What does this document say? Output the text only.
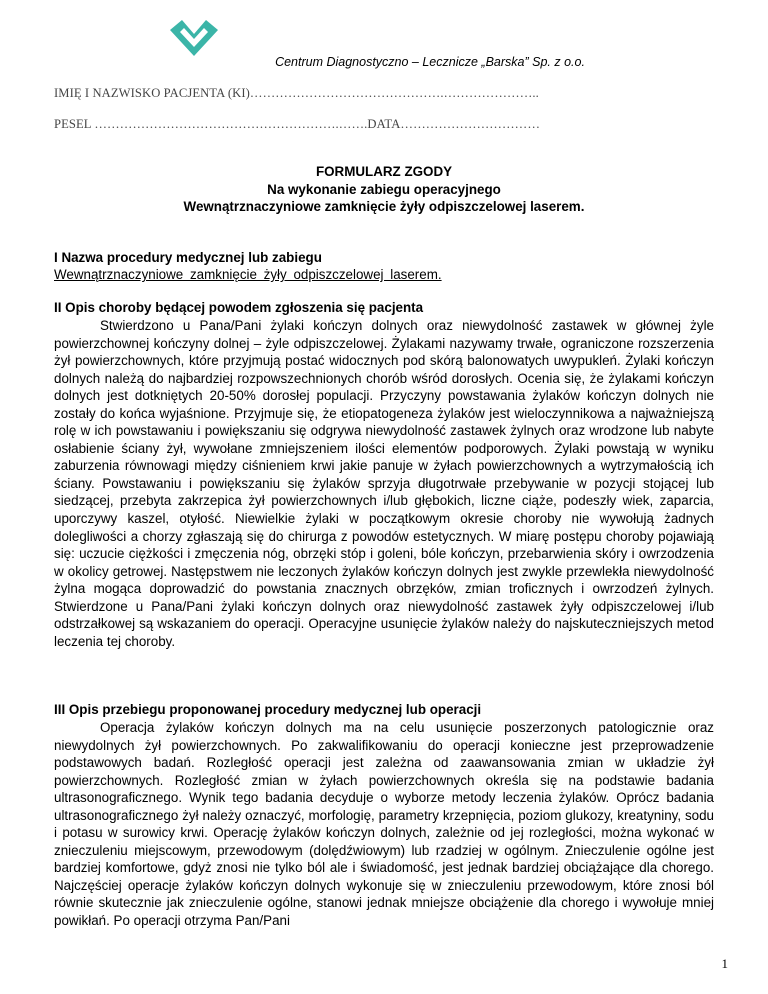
Centrum Diagnostyczno – Lecznicze „Barska” Sp. z o.o.
IMIĘ I NAZWISKO PACJENTA (KI)……………………………………….…………………..
PESEL ………………………………………………….…….DATA……………………………
FORMULARZ ZGODY
Na wykonanie zabiegu operacyjnego
Wewnątrznaczyniowe zamknięcie żyły odpiszczelowej laserem.
I Nazwa procedury medycznej lub zabiegu
Wewnątrznaczyniowe zamknięcie żyły odpiszczelowej laserem.
II Opis choroby będącej powodem zgłoszenia się pacjenta
Stwierdzono u Pana/Pani żylaki kończyn dolnych oraz niewydolność zastawek w głównej żyle powierzchownej kończyny dolnej – żyle odpiszczelowej. Żylakami nazywamy trwałe, ograniczone rozszerzenia żył powierzchownych, które przyjmują postać widocznych pod skórą balonowatych uwypukleń. Żylaki kończyn dolnych należą do najbardziej rozpowszechnionych chorób wśród dorosłych. Ocenia się, że żylakami kończyn dolnych jest dotkniętych 20-50% dorosłej populacji. Przyczyny powstawania żylaków kończyn dolnych nie zostały do końca wyjaśnione. Przyjmuje się, że etiopatogeneza żylaków jest wieloczynnikowa a najważniejszą rolę w ich powstawaniu i powiększaniu się odgrywa niewydolność zastawek żylnych oraz wrodzone lub nabyte osłabienie ściany żył, wywołane zmniejszeniem ilości elementów podporowych. Żylaki powstają w wyniku zaburzenia równowagi między ciśnieniem krwi jakie panuje w żyłach powierzchownych a wytrzymałością ich ściany. Powstawaniu i powiększaniu się żylaków sprzyja długotrwałe przebywanie w pozycji stojącej lub siedzącej, przebyta zakrzepica żył powierzchownych i/lub głębokich, liczne ciąże, podeszły wiek, zaparcia, uporczywy kaszel, otyłość. Niewielkie żylaki w początkowym okresie choroby nie wywołują żadnych dolegliwości a chorzy zgłaszają się do chirurga z powodów estetycznych. W miarę postępu choroby pojawiają się: uczucie ciężkości i zmęczenia nóg, obrzęki stóp i goleni, bóle kończyn, przebarwienia skóry i owrzodzenia w okolicy getrowej. Następstwem nie leczonych żylaków kończyn dolnych jest zwykle przewlekła niewydolność żylna mogąca doprowadzić do powstania znacznych obrzęków, zmian troficznych i owrzodzeń żylnych. Stwierdzone u Pana/Pani żylaki kończyn dolnych oraz niewydolność zastawek żyły odpiszczelowej i/lub odstrzałkowej są wskazaniem do operacji. Operacyjne usunięcie żylaków należy do najskuteczniejszych metod leczenia tej choroby.
III Opis przebiegu proponowanej procedury medycznej lub operacji
Operacja żylaków kończyn dolnych ma na celu usunięcie poszerzonych patologicznie oraz niewydolnych żył powierzchownych. Po zakwalifikowaniu do operacji konieczne jest przeprowadzenie podstawowych badań. Rozległość operacji jest zależna od zaawansowania zmian w układzie żył powierzchownych. Rozległość zmian w żyłach powierzchownych określa się na podstawie badania ultrasonograficznego. Wynik tego badania decyduje o wyborze metody leczenia żylaków. Oprócz badania ultrasonograficznego żył należy oznaczyć, morfologię, parametry krzepnięcia, poziom glukozy, kreatyniny, sodu i potasu w surowicy krwi. Operację żylaków kończyn dolnych, zależnie od jej rozległości, można wykonać w znieczuleniu miejscowym, przewodowym (dolędźwiowym) lub rzadziej w ogólnym. Znieczulenie ogólne jest bardziej komfortowe, gdyż znosi nie tylko ból ale i świadomość, jest jednak bardziej obciążające dla chorego. Najczęściej operacje żylaków kończyn dolnych wykonuje się w znieczuleniu przewodowym, które znosi ból równie skutecznie jak znieczulenie ogólne, stanowi jednak mniejsze obciążenie dla chorego i wywołuje mniej powikłań. Po operacji otrzyma Pan/Pani
1
